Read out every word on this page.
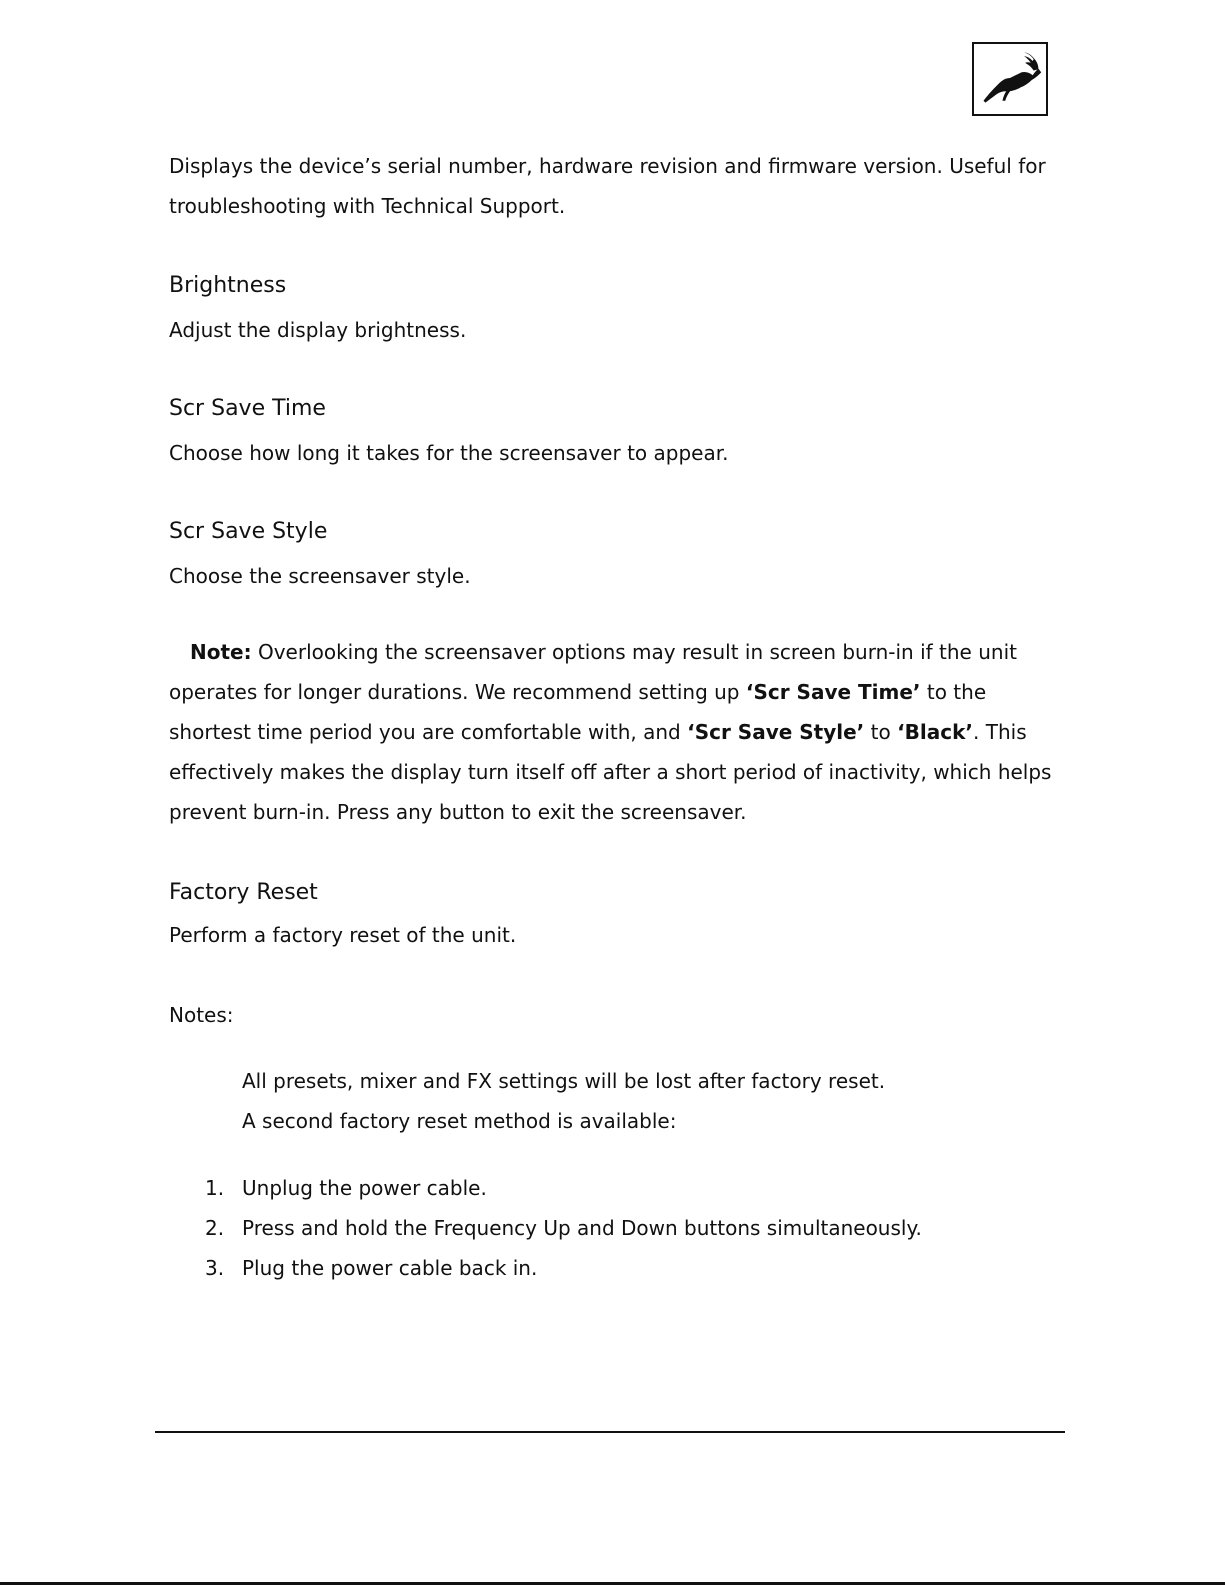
Displays the device’s serial number, hardware revision and firmware version. Useful for
troubleshooting with Technical Support.

Brightness

Adjust the display brightness.

Scr Save Time

Choose how long it takes for the screensaver to appear.

Scr Save Style

Choose the screensaver style.

Note: Overlooking the screensaver options may result in screen burn-in if the unit operates for longer durations. We recommend setting up ‘Scr Save Time’ to the shortest time period you are comfortable with, and ‘Scr Save Style’ to ‘Black’. This effectively makes the display turn itself off after a short period of inactivity, which helps prevent burn-in. Press any button to exit the screensaver.

Factory Reset

Perform a factory reset of the unit.

Notes:

All presets, mixer and FX settings will be lost after factory reset.
A second factory reset method is available:
1. Unplug the power cable.
2. Press and hold the Frequency Up and Down buttons simultaneously.
3. Plug the power cable back in.
